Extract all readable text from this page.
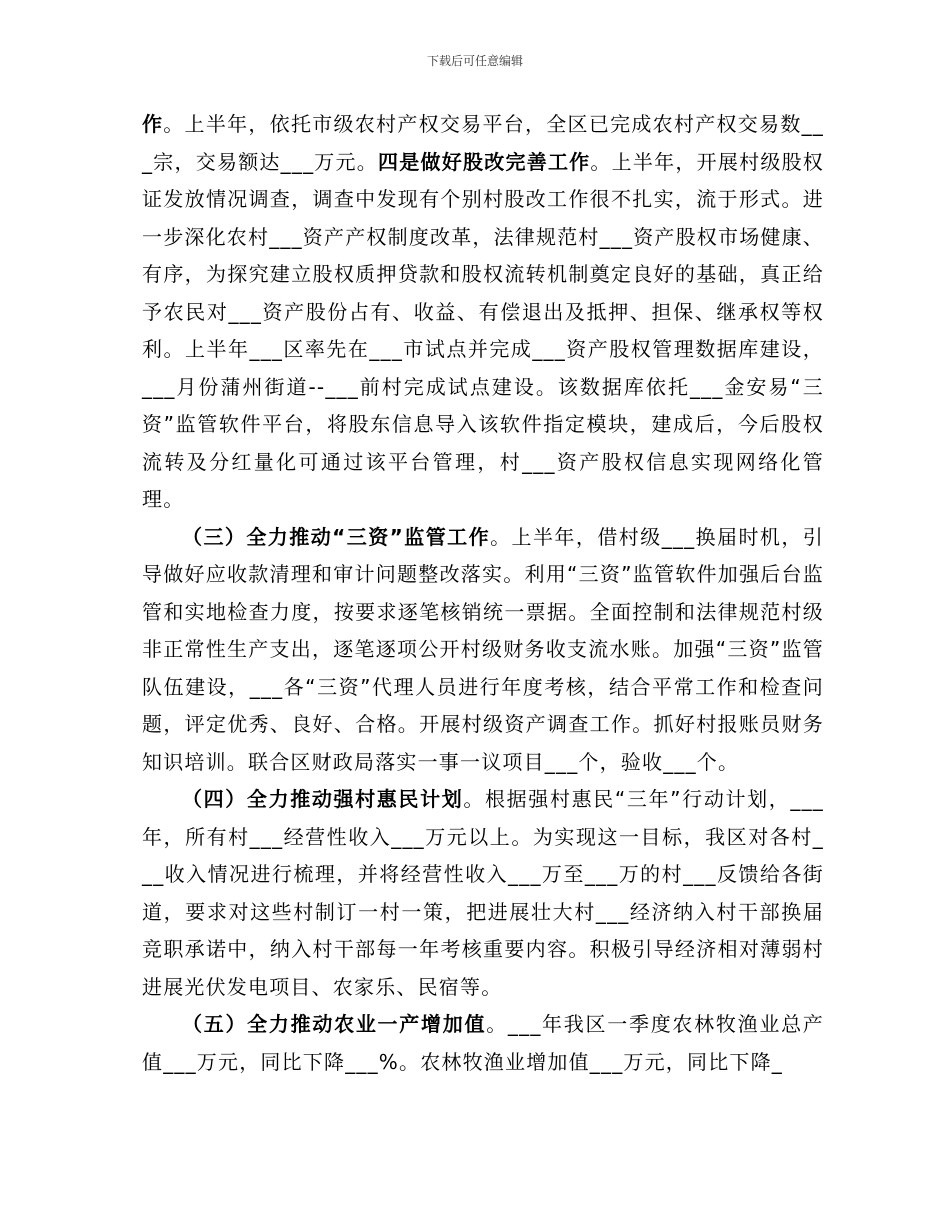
下载后可任意编辑

作。上半年，依托市级农村产权交易平台，全区已完成农村产权交易数___宗，交易额达___万元。四是做好股改完善工作。上半年，开展村级股权证发放情况调查，调查中发现有个别村股改工作很不扎实，流于形式。进一步深化农村___资产产权制度改革，法律规范村___资产股权市场健康、有序，为探究建立股权质押贷款和股权流转机制奠定良好的基础，真正给予农民对___资产股份占有、收益、有偿退出及抵押、担保、继承权等权利。上半年___区率先在___市试点并完成___资产股权管理数据库建设，___月份蒲州街道--___前村完成试点建设。该数据库依托___金安易“三资”监管软件平台，将股东信息导入该软件指定模块，建成后，今后股权流转及分红量化可通过该平台管理，村___资产股权信息实现网络化管理。

（三）全力推动“三资”监管工作。上半年，借村级___换届时机，引导做好应收款清理和审计问题整改落实。利用“三资”监管软件加强后台监管和实地检查力度，按要求逐笔核销统一票据。全面控制和法律规范村级非正常性生产支出，逐笔逐项公开村级财务收支流水账。加强“三资”监管队伍建设，___各“三资”代理人员进行年度考核，结合平常工作和检查问题，评定优秀、良好、合格。开展村级资产调查工作。抓好村报账员财务知识培训。联合区财政局落实一事一议项目___个，验收___个。

（四）全力推动强村惠民计划。根据强村惠民“三年”行动计划，___年，所有村___经营性收入___万元以上。为实现这一目标，我区对各村___收入情况进行梳理，并将经营性收入___万至___万的村___反馈给各街道，要求对这些村制订一村一策，把进展壮大村___经济纳入村干部换届竞职承诺中，纳入村干部每一年考核重要内容。积极引导经济相对薄弱村进展光伏发电项目、农家乐、民宿等。

（五）全力推动农业一产增加值。___年我区一季度农林牧渔业总产值___万元，同比下降___%。农林牧渔业增加值___万元，同比下降_
